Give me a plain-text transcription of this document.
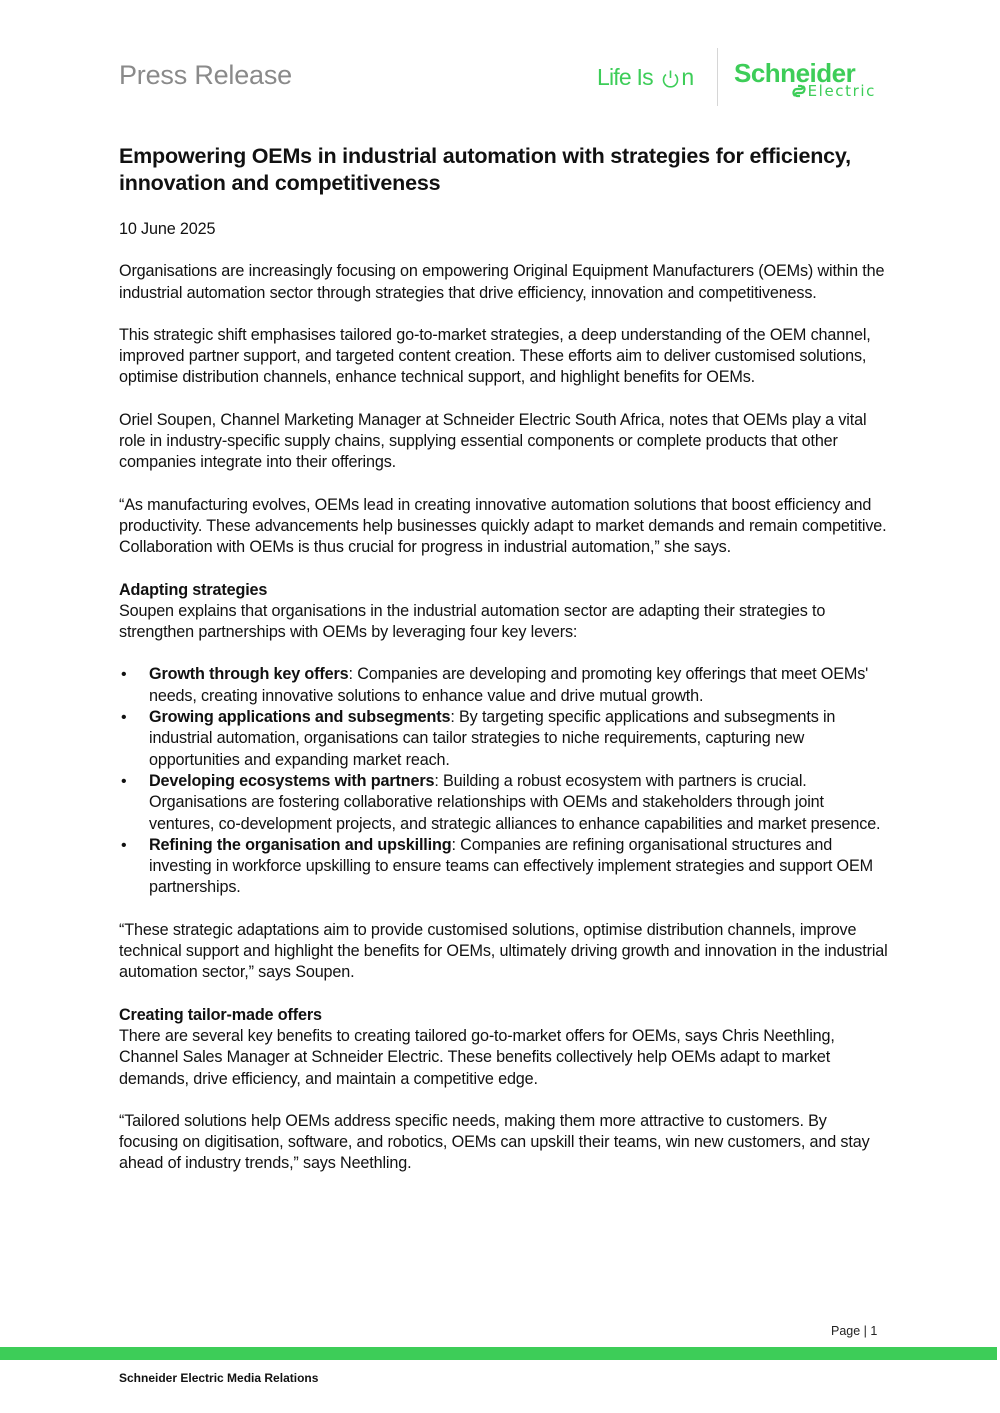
Press Release	Life Is n Schneider
Electric
Empowering OEMs in industrial automation with strategies for efficiency, innovation and competitiveness
10 June 2025

Organisations are increasingly focusing on empowering Original Equipment Manufacturers (OEMs) within the industrial automation sector through strategies that drive efficiency, innovation and competitiveness.

This strategic shift emphasises tailored go-to-market strategies, a deep understanding of the OEM channel, improved partner support, and targeted content creation. These efforts aim to deliver customised solutions, optimise distribution channels, enhance technical support, and highlight benefits for OEMs.

Oriel Soupen, Channel Marketing Manager at Schneider Electric South Africa, notes that OEMs play a vital role in industry-specific supply chains, supplying essential components or complete products that other companies integrate into their offerings.

“As manufacturing evolves, OEMs lead in creating innovative automation solutions that boost efficiency and productivity. These advancements help businesses quickly adapt to market demands and remain competitive. Collaboration with OEMs is thus crucial for progress in industrial automation,” she says.

Adapting strategies

Soupen explains that organisations in the industrial automation sector are adapting their strategies to strengthen partnerships with OEMs by leveraging four key levers:

• Growth through key offers: Companies are developing and promoting key offerings that meet OEMs' needs, creating innovative solutions to enhance value and drive mutual growth.
• Growing applications and subsegments: By targeting specific applications and subsegments in industrial automation, organisations can tailor strategies to niche requirements, capturing new opportunities and expanding market reach.
• Developing ecosystems with partners: Building a robust ecosystem with partners is crucial. Organisations are fostering collaborative relationships with OEMs and stakeholders through joint ventures, co-development projects, and strategic alliances to enhance capabilities and market presence.
• Refining the organisation and upskilling: Companies are refining organisational structures and investing in workforce upskilling to ensure teams can effectively implement strategies and support OEM partnerships.

“These strategic adaptations aim to provide customised solutions, optimise distribution channels, improve technical support and highlight the benefits for OEMs, ultimately driving growth and innovation in the industrial automation sector,” says Soupen.

Creating tailor-made offers

There are several key benefits to creating tailored go-to-market offers for OEMs, says Chris Neethling, Channel Sales Manager at Schneider Electric. These benefits collectively help OEMs adapt to market demands, drive efficiency, and maintain a competitive edge.

“Tailored solutions help OEMs address specific needs, making them more attractive to customers. By focusing on digitisation, software, and robotics, OEMs can upskill their teams, win new customers, and stay ahead of industry trends,” says Neethling.

Page | 1
Schneider Electric Media Relations
